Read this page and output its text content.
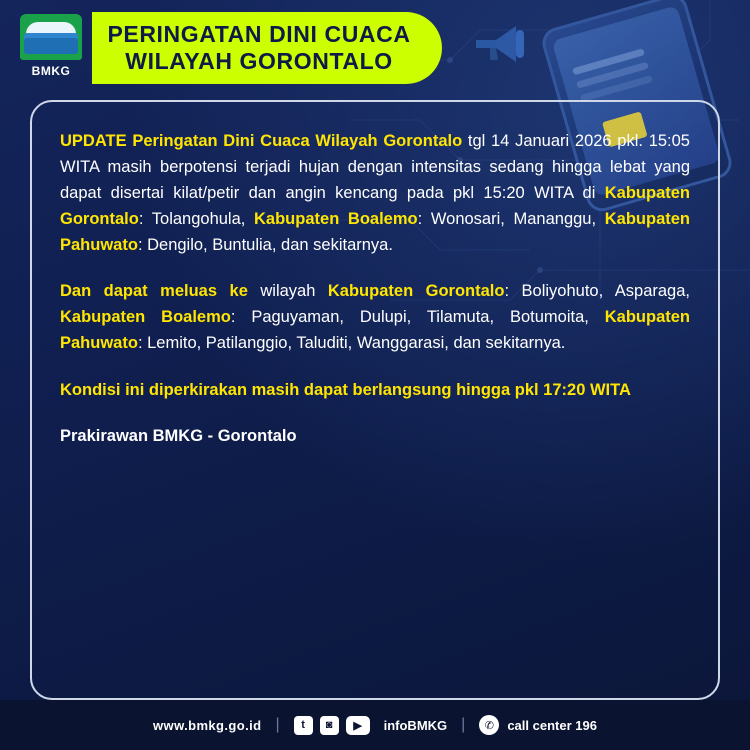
BMKG
PERINGATAN DINI CUACA
WILAYAH GORONTALO
UPDATE Peringatan Dini Cuaca Wilayah Gorontalo tgl 14 Januari 2026 pkl. 15:05 WITA masih berpotensi terjadi hujan dengan intensitas sedang hingga lebat yang dapat disertai kilat/petir dan angin kencang pada pkl 15:20 WITA di Kabupaten Gorontalo: Tolangohula, Kabupaten Boalemo: Wonosari, Mananggu, Kabupaten Pahuwato: Dengilo, Buntulia, dan sekitarnya.
Dan dapat meluas ke wilayah Kabupaten Gorontalo: Boliyohuto, Asparaga, Kabupaten Boalemo: Paguyaman, Dulupi, Tilamuta, Botumoita, Kabupaten Pahuwato: Lemito, Patilanggio, Taluditi, Wanggarasi, dan sekitarnya.
Kondisi ini diperkirakan masih dapat berlangsung hingga pkl 17:20 WITA
Prakirawan BMKG - Gorontalo
www.bmkg.go.id |	t	◙	▶	infoBMKG |	✆	call center 196
